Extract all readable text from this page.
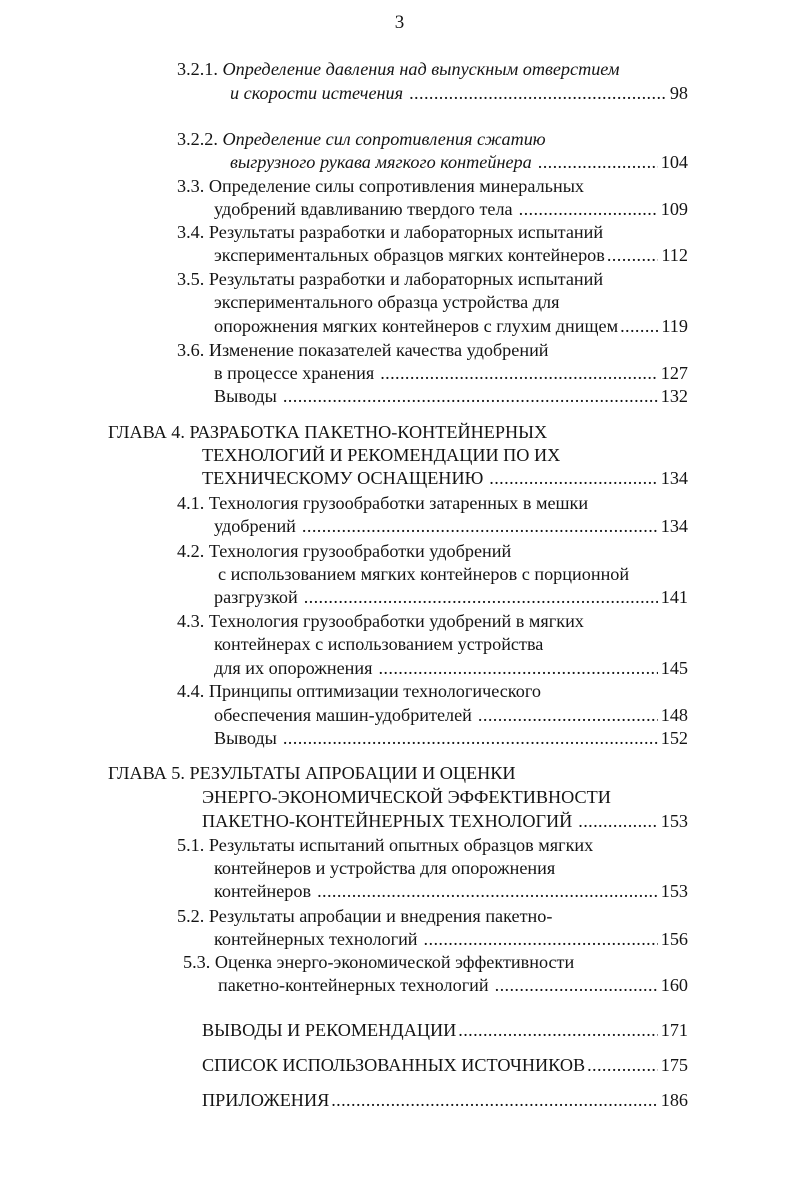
3
3.2.1. Определение давления над выпускным отверстием
и скорости истечения .....	98
3.2.2. Определение сил сопротивления сжатию
выгрузного рукава мягкого контейнера .....	104
3.3. Определение силы сопротивления минеральных
удобрений вдавливанию твердого тела .....	109
3.4. Результаты разработки и лабораторных испытаний
экспериментальных образцов мягких контейнеров .....	112
3.5. Результаты разработки и лабораторных испытаний
экспериментального образца устройства для
опорожнения мягких контейнеров с глухим днищем ..... 119
3.6. Изменение показателей качества удобрений
в процессе хранения .....	127
Выводы .....	132
ГЛАВА 4. РАЗРАБОТКА ПАКЕТНО-КОНТЕЙНЕРНЫХ
ТЕХНОЛОГИЙ И РЕКОМЕНДАЦИИ ПО ИХ
ТЕХНИЧЕСКОМУ ОСНАЩЕНИЮ .....	134
4.1. Технология грузообработки затаренных в мешки
удобрений .....	134
4.2. Технология грузообработки удобрений
с использованием мягких контейнеров с порционной
разгрузкой .....	141
4.3. Технология грузообработки удобрений в мягких
контейнерах с использованием устройства
для их опорожнения .....	145
4.4. Принципы оптимизации технологического
обеспечения машин-удобрителей .....	148
Выводы .....	152
ГЛАВА 5. РЕЗУЛЬТАТЫ АПРОБАЦИИ И ОЦЕНКИ
ЭНЕРГО-ЭКОНОМИЧЕСКОЙ ЭФФЕКТИВНОСТИ
ПАКЕТНО-КОНТЕЙНЕРНЫХ ТЕХНОЛОГИЙ .....	153
5.1. Результаты испытаний опытных образцов мягких
контейнеров и устройства для опорожнения
контейнеров .....	153
5.2. Результаты апробации и внедрения пакетно-
контейнерных технологий .....	156
5.3. Оценка энерго-экономической эффективности
пакетно-контейнерных технологий .....	160
ВЫВОДЫ И РЕКОМЕНДАЦИИ .....	171
СПИСОК ИСПОЛЬЗОВАННЫХ ИСТОЧНИКОВ .....	175
ПРИЛОЖЕНИЯ .....	186
